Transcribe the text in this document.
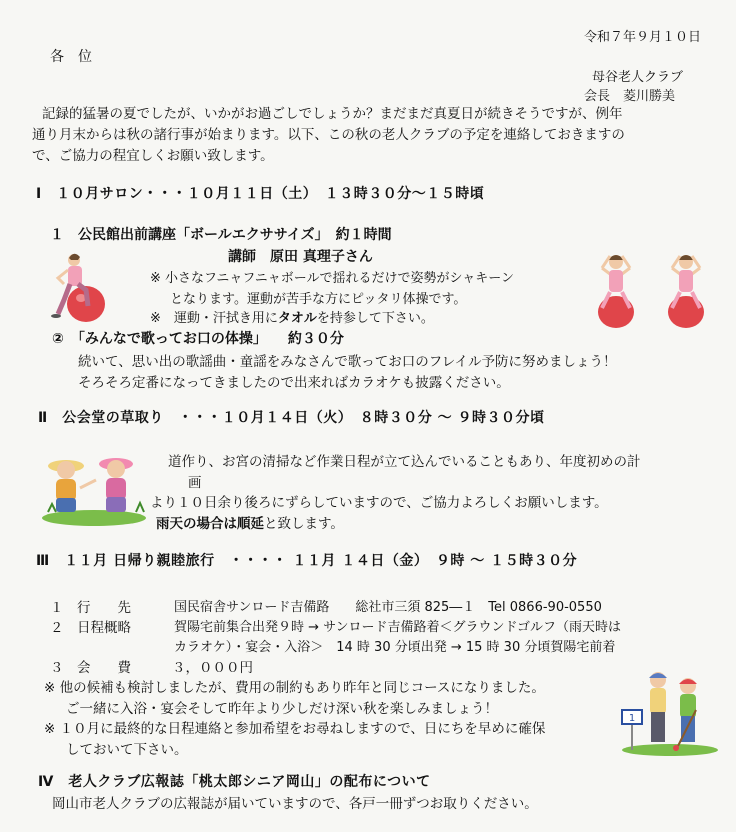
令和７年９月１０日
各　位
母谷老人クラブ
会長　菱川勝美
記録的猛暑の夏でしたが、いかがお過ごしでしょうか？まだまだ真夏日が続きそうですが、例年
通り月末からは秋の諸行事が始まります。以下、この秋の老人クラブの予定を連絡しておきますの
で、ご協力の程宜しくお願い致します。
Ⅰ　１０月サロン・・・１０月１１日（土）　１３時３０分～１５時頃
１　公民館出前講座「ボールエクササイズ」　約１時間
講師　原田 真理子さん
※ 小さなフニャフニャボールで揺れるだけで姿勢がシャキーン
となります。運動が苦手な方にピッタリ体操です。
※　運動・汗拭き用にタオルを持参して下さい。
②　「みんなで歌ってお口の体操」　　約３０分
続いて、思い出の歌謡曲・童謡をみなさんで歌ってお口のフレイル予防に努めましょう！
そろそろ定番になってきましたので出来ればカラオケも披露ください。
Ⅱ　公会堂の草取り　・・・１０月１４日（火）　８時３０分 ～ ９時３０分頃
道作り、お宮の清掃など作業日程が立て込んでいることもあり、年度初めの計
画
より１０日余り後ろにずらしていますので、ご協力よろしくお願いします。
雨天の場合は順延と致します。
Ⅲ　１１月 日帰り親睦旅行　・・・・ １１月 １４日（金）　９時 ～ １５時３０分
１　行　　先	国民宿舎サンロード吉備路　　総社市三須 825―１　Tel 0866-90-0550
２　日程概略	賀陽宅前集合出発９時 → サンロード吉備路着＜グラウンドゴルフ（雨天時は
カラオケ）・宴会・入浴＞　14 時 30 分頃出発 → 15 時 30 分頃賀陽宅前着
３　会　　費	３，０００円
※ 他の候補も検討しましたが、費用の制約もあり昨年と同じコースになりました。
ご一緒に入浴・宴会そして昨年より少しだけ深い秋を楽しみましょう！
※ １０月に最終的な日程連絡と参加希望をお尋ねしますので、日にちを早めに確保
しておいて下さい。
1
Ⅳ　老人クラブ広報誌「桃太郎シニア岡山」の配布について
岡山市老人クラブの広報誌が届いていますので、各戸一冊ずつお取りください。
